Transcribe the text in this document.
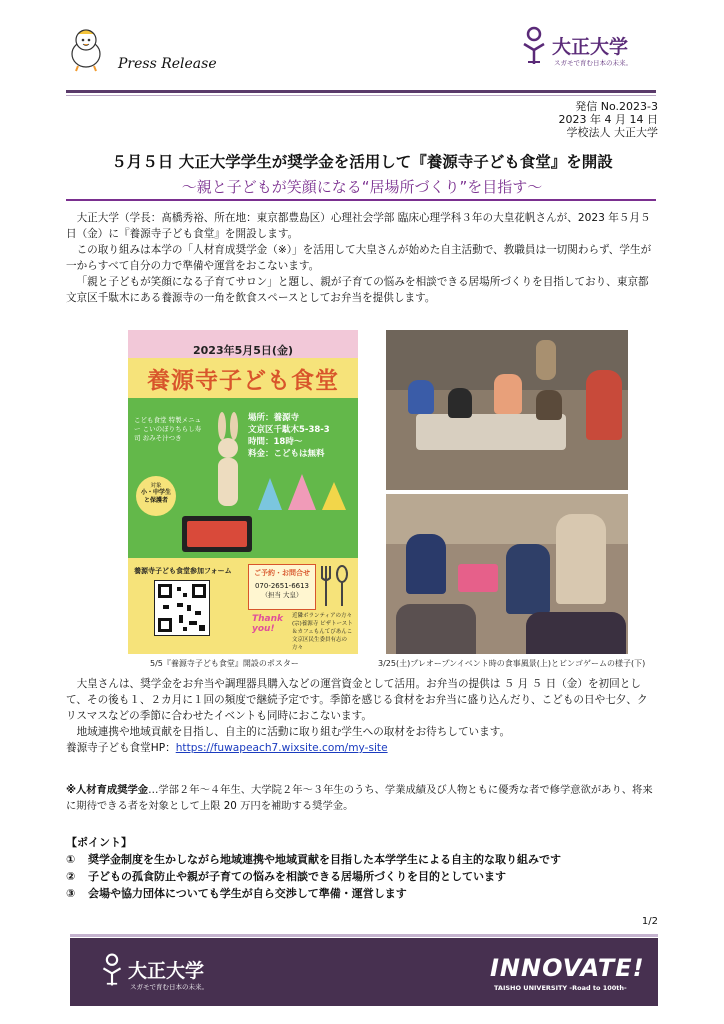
Press Release
大正大学
スガモで育む日本の未来。
発信 No.2023-3
2023 年 4 月 14 日
学校法人 大正大学
５月５日 大正大学学生が奨学金を活用して『養源寺子ども食堂』を開設
〜親と子どもが笑顔になる“居場所づくり”を目指す〜

大正大学（学長：髙橋秀裕、所在地：東京都豊島区）心理社会学部 臨床心理学科３年の大皇花帆さんが、2023 年５月５日（金）に『養源寺子ども食堂』を開設します。

この取り組みは本学の「人材育成奨学金（※）」を活用して大皇さんが始めた自主活動で、教職員は一切関わらず、学生が一からすべて自分の力で準備や運営をおこないます。

「親と子どもが笑顔になる子育てサロン」と題し、親が子育ての悩みを相談できる居場所づくりを目指しており、東京都文京区千駄木にある養源寺の一角を飲食スペースとしてお弁当を提供します。

2023年5月5日(金)
養源寺子ども食堂
こども食堂 特製メニュー こいのぼりちらし寿司 おみそ汁つき
対象
小・中学生と保護者
場所：養源寺
文京区千駄木5-38-3
時間：18時〜
料金：こどもは無料
養源寺子ども食堂参加フォーム	ご予約・お問合せ
070-2651-6613
（担当 大皇）
Thank you!
近隣ボランティアの方々 (宗)養源寺 ピザトースト＆カフェもんてびあんこ 文京区民生委員有志の方々
5/5『養源寺子ども食堂』開設のポスター	3/25(土)プレオープンイベント時の食事風景(上)とビンゴゲームの様子(下)

大皇さんは、奨学金をお弁当や調理器具購入などの運営資金として活用。お弁当の提供は ５ 月 ５ 日（金）を初回として、その後も１、２カ月に１回の頻度で継続予定です。季節を感じる食材をお弁当に盛り込んだり、こどもの日や七夕、クリスマスなどの季節に合わせたイベントも同時におこないます。

地域連携や地域貢献を目指し、自主的に活動に取り組む学生への取材をお待ちしています。

養源寺子ども食堂HP：https://fuwapeach7.wixsite.com/my-site

※人材育成奨学金…学部２年〜４年生、大学院２年〜３年生のうち、学業成績及び人物ともに優秀な者で修学意欲があり、将来に期待できる者を対象として上限 20 万円を補助する奨学金。

【ポイント】
① 奨学金制度を生かしながら地域連携や地域貢献を目指した本学学生による自主的な取り組みです
② 子どもの孤食防止や親が子育ての悩みを相談できる居場所づくりを目的としています
③ 会場や協力団体についても学生が自ら交渉して準備・運営します
1/2
大正大学
スガモで育む日本の未来。
INNOVATE!
TAISHO UNIVERSITY -Road to 100th-
